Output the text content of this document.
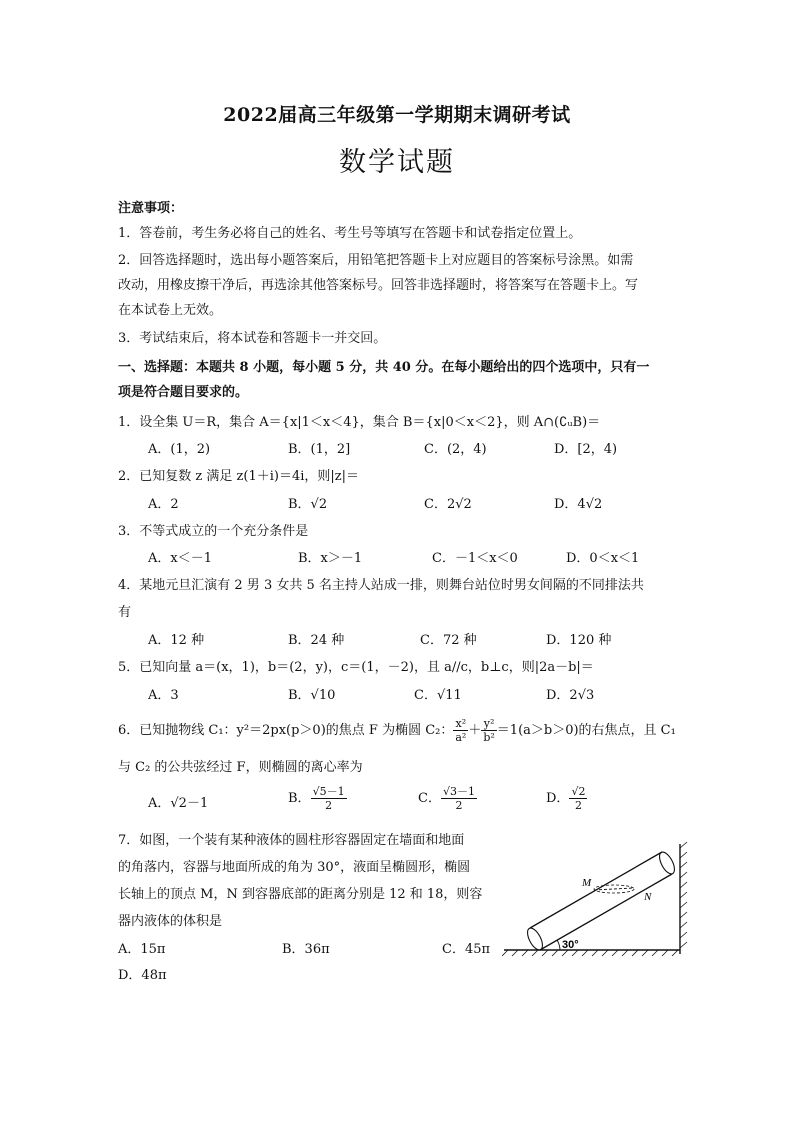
2022届高三年级第一学期期末调研考试
数学试题
注意事项：
1．答卷前，考生务必将自己的姓名、考生号等填写在答题卡和试卷指定位置上。
2．回答选择题时，选出每小题答案后，用铅笔把答题卡上对应题目的答案标号涂黑。如需
改动，用橡皮擦干净后，再选涂其他答案标号。回答非选择题时，将答案写在答题卡上。写
在本试卷上无效。
3．考试结束后，将本试卷和答题卡一并交回。
一、选择题：本题共 8 小题，每小题 5 分，共 40 分。在每小题给出的四个选项中，只有一
项是符合题目要求的。
1．设全集 U＝R，集合 A＝{x|1＜x＜4}，集合 B＝{x|0＜x＜2}，则 A∩(∁ᵤB)＝
A．(1，2)	B．(1，2]	C．(2，4)	D．[2，4)
2．已知复数 z 满足 z(1＋i)＝4i，则|z|＝
A．2	B．√2	C．2√2	D．4√2
3．不等式成立的一个充分条件是
A．x＜－1	B．x＞－1	C．－1＜x＜0	D．0＜x＜1
4．某地元旦汇演有 2 男 3 女共 5 名主持人站成一排，则舞台站位时男女间隔的不同排法共
有
A．12 种	B．24 种	C．72 种	D．120 种
5．已知向量 a＝(x，1)，b＝(2，y)，c＝(1，－2)，且 a//c，b⊥c，则|2a－b|＝
A．3	B．√10	C．√11	D．2√3
6．已知抛物线 C₁：y²＝2px(p＞0)的焦点 F 为椭圆 C₂： $\frac{\text{x²}}{\text{a²}} + \frac{\text{y²}}{\text{b²}} =1(a>b>0)$的右焦点，且 C₁
与 C₂ 的公共弦经过 F，则椭圆的离心率为
A．√2－1	B． $\frac{√5-1}{2}$	C． $\frac{√3-1}{2}$	D． $\frac{√2}{2}$
7．如图，一个装有某种液体的圆柱形容器固定在墙面和地面
的角落内，容器与地面所成的角为 30°，液面呈椭圆形，椭圆
长轴上的顶点 M，N 到容器底部的距离分别是 12 和 18，则容
器内液体的体积是
A．15π	B．36π	C．45π
D．48π
M
N
30°
